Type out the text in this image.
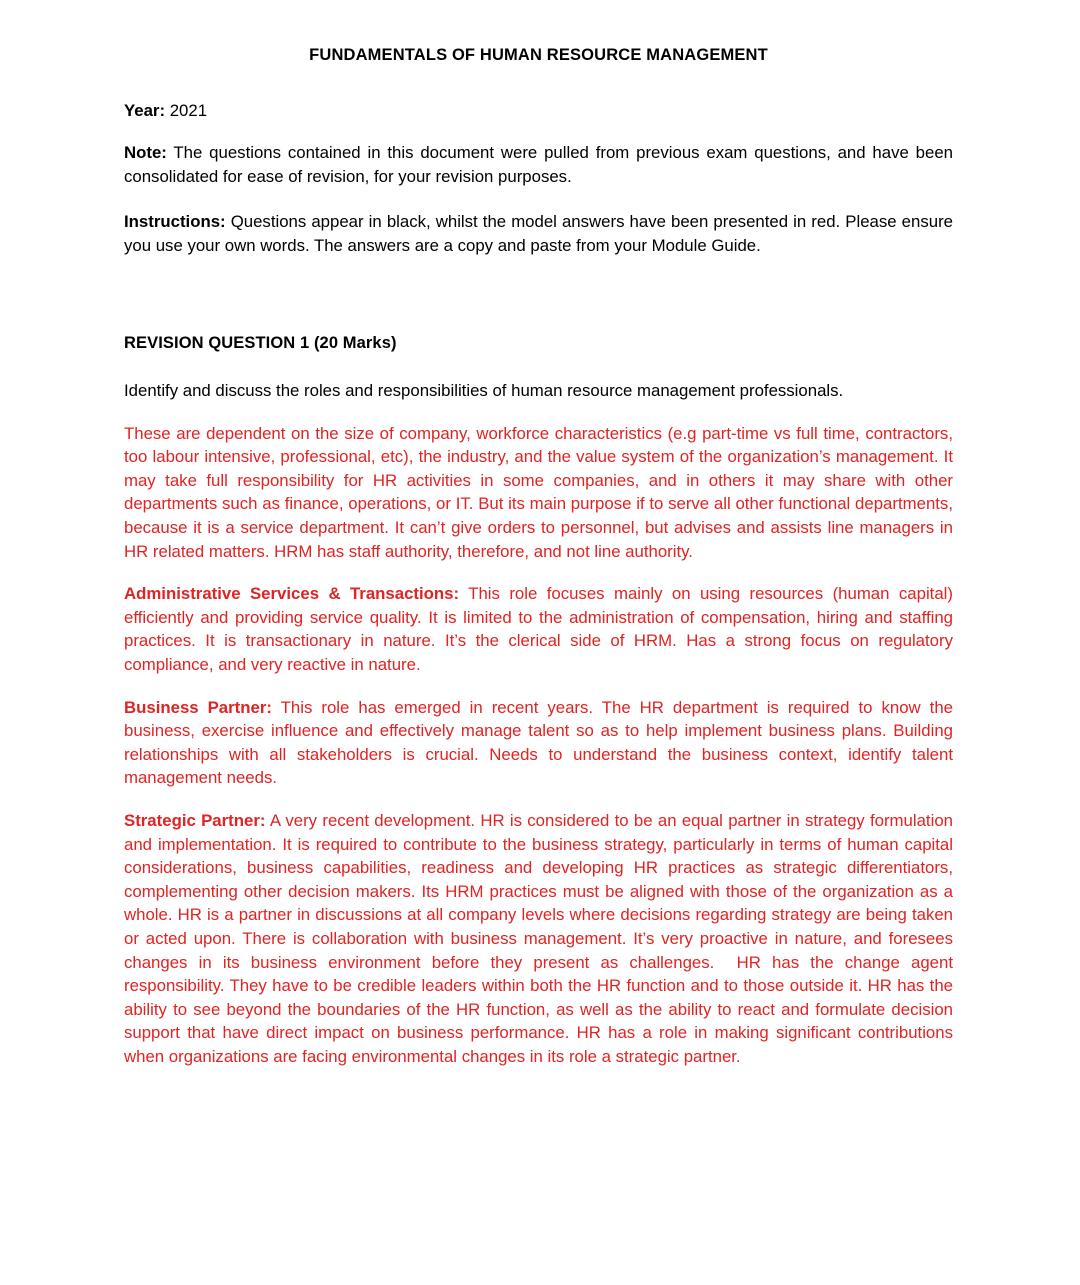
FUNDAMENTALS OF HUMAN RESOURCE MANAGEMENT

Year: 2021

Note: The questions contained in this document were pulled from previous exam questions, and have been consolidated for ease of revision, for your revision purposes.

Instructions: Questions appear in black, whilst the model answers have been presented in red. Please ensure you use your own words. The answers are a copy and paste from your Module Guide.

REVISION QUESTION 1 (20 Marks)

Identify and discuss the roles and responsibilities of human resource management professionals.

These are dependent on the size of company, workforce characteristics (e.g part-time vs full time, contractors, too labour intensive, professional, etc), the industry, and the value system of the organization’s management. It may take full responsibility for HR activities in some companies, and in others it may share with other departments such as finance, operations, or IT. But its main purpose if to serve all other functional departments, because it is a service department. It can’t give orders to personnel, but advises and assists line managers in HR related matters. HRM has staff authority, therefore, and not line authority.

Administrative Services & Transactions: This role focuses mainly on using resources (human capital) efficiently and providing service quality. It is limited to the administration of compensation, hiring and staffing practices. It is transactionary in nature. It’s the clerical side of HRM. Has a strong focus on regulatory compliance, and very reactive in nature.

Business Partner: This role has emerged in recent years. The HR department is required to know the business, exercise influence and effectively manage talent so as to help implement business plans. Building relationships with all stakeholders is crucial. Needs to understand the business context, identify talent management needs.

Strategic Partner: A very recent development. HR is considered to be an equal partner in strategy formulation and implementation. It is required to contribute to the business strategy, particularly in terms of human capital considerations, business capabilities, readiness and developing HR practices as strategic differentiators, complementing other decision makers. Its HRM practices must be aligned with those of the organization as a whole. HR is a partner in discussions at all company levels where decisions regarding strategy are being taken or acted upon. There is collaboration with business management. It’s very proactive in nature, and foresees changes in its business environment before they present as challenges.  HR has the change agent responsibility. They have to be credible leaders within both the HR function and to those outside it. HR has the ability to see beyond the boundaries of the HR function, as well as the ability to react and formulate decision support that have direct impact on business performance. HR has a role in making significant contributions when organizations are facing environmental changes in its role a strategic partner.
